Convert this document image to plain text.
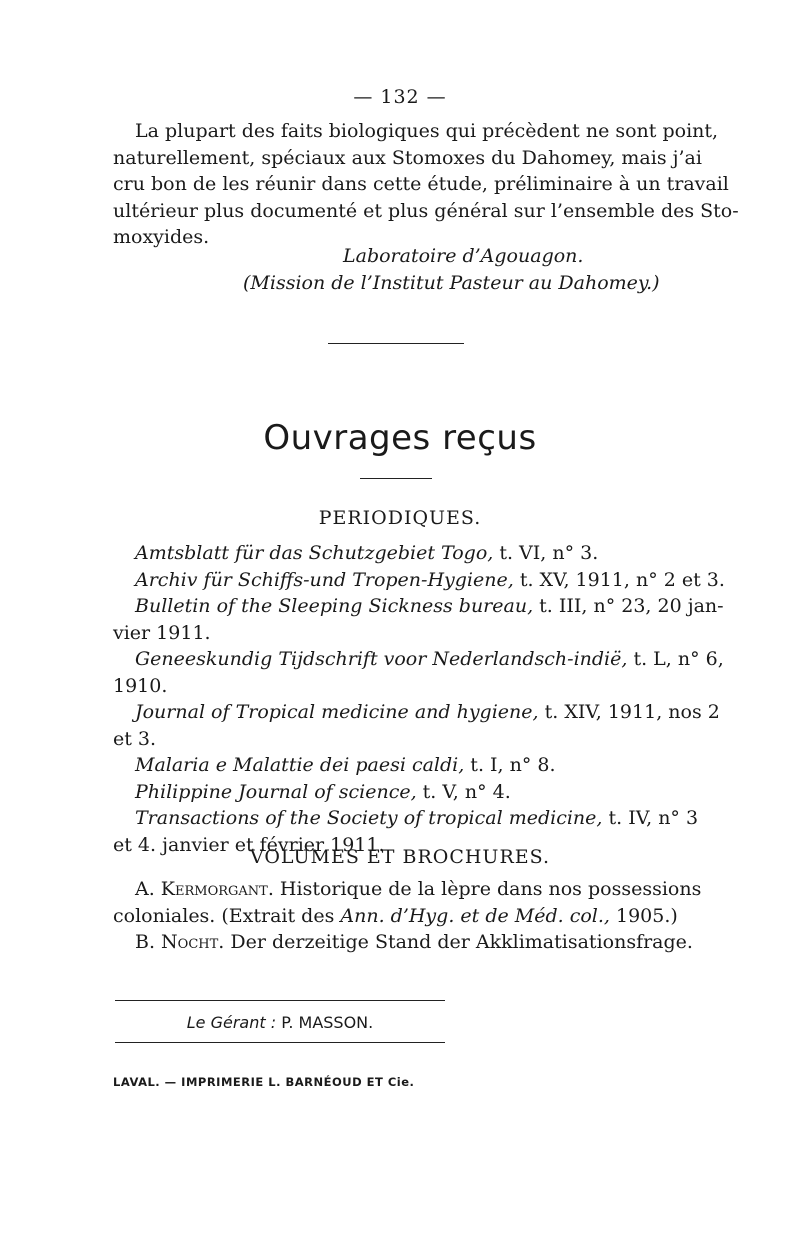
— 132 —

La plupart des faits biologiques qui précèdent ne sont point,

naturellement, spéciaux aux Stomoxes du Dahomey, mais j’ai

cru bon de les réunir dans cette étude, préliminaire à un travail

ultérieur plus documenté et plus général sur l’ensemble des Sto-

moxyides.

Laboratoire d’Agouagon.

(Mission de l’Institut Pasteur au Dahomey.)

Ouvrages reçus
PERIODIQUES.

Amtsblatt für das Schutzgebiet Togo, t. VI, n° 3.

Archiv für Schiffs-und Tropen-Hygiene, t. XV, 1911, n° 2 et 3.

Bulletin of the Sleeping Sickness bureau, t. III, n° 23, 20 jan-

vier 1911.

Geneeskundig Tijdschrift voor Nederlandsch-indië, t. L, n° 6,

1910.

Journal of Tropical medicine and hygiene, t. XIV, 1911, nos 2

et 3.

Malaria e Malattie dei paesi caldi, t. I, n° 8.

Philippine Journal of science, t. V, n° 4.

Transactions of the Society of tropical medicine, t. IV, n° 3

et 4. janvier et février 1911.

VOLUMES ET BROCHURES.

A. Kermorgant. Historique de la lèpre dans nos possessions

coloniales. (Extrait des Ann. d’Hyg. et de Méd. col., 1905.)

B. Nocht. Der derzeitige Stand der Akklimatisationsfrage.

Le Gérant : P. MASSON.
LAVAL. — IMPRIMERIE L. BARNÉOUD ET Cie.
